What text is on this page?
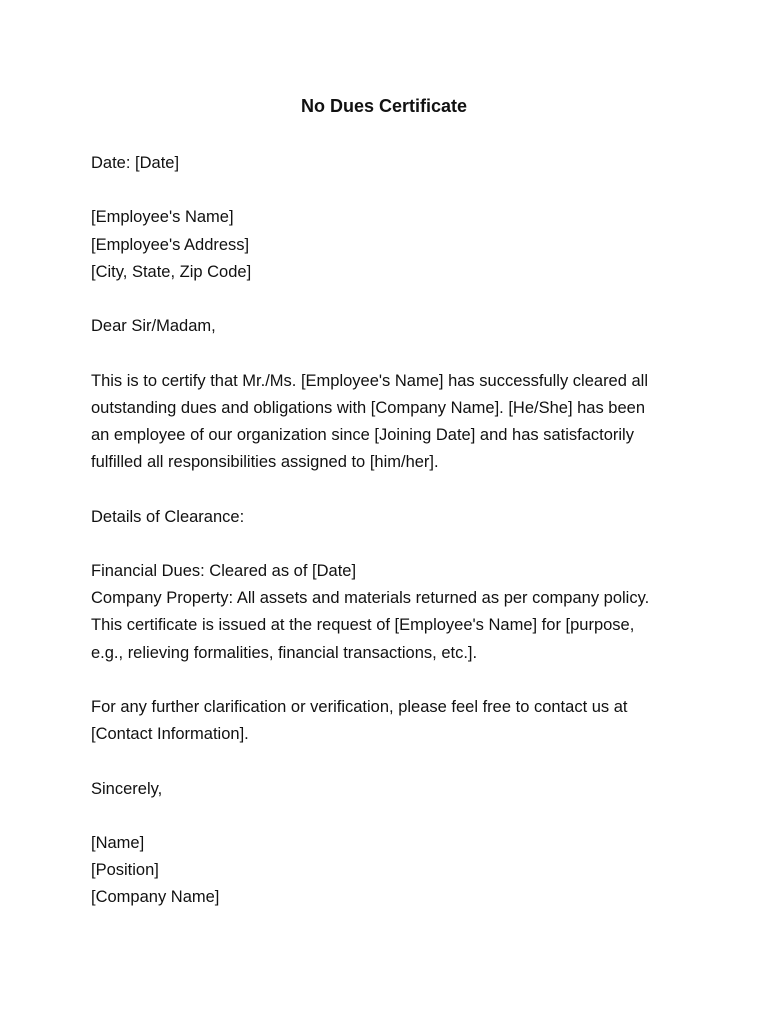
No Dues Certificate
Date: [Date]
[Employee's Name]
[Employee's Address]
[City, State, Zip Code]
Dear Sir/Madam,
This is to certify that Mr./Ms. [Employee's Name] has successfully cleared all
outstanding dues and obligations with [Company Name]. [He/She] has been
an employee of our organization since [Joining Date] and has satisfactorily
fulfilled all responsibilities assigned to [him/her].
Details of Clearance:
Financial Dues: Cleared as of [Date]
Company Property: All assets and materials returned as per company policy.
This certificate is issued at the request of [Employee's Name] for [purpose,
e.g., relieving formalities, financial transactions, etc.].
For any further clarification or verification, please feel free to contact us at
[Contact Information].
Sincerely,
[Name]
[Position]
[Company Name]
